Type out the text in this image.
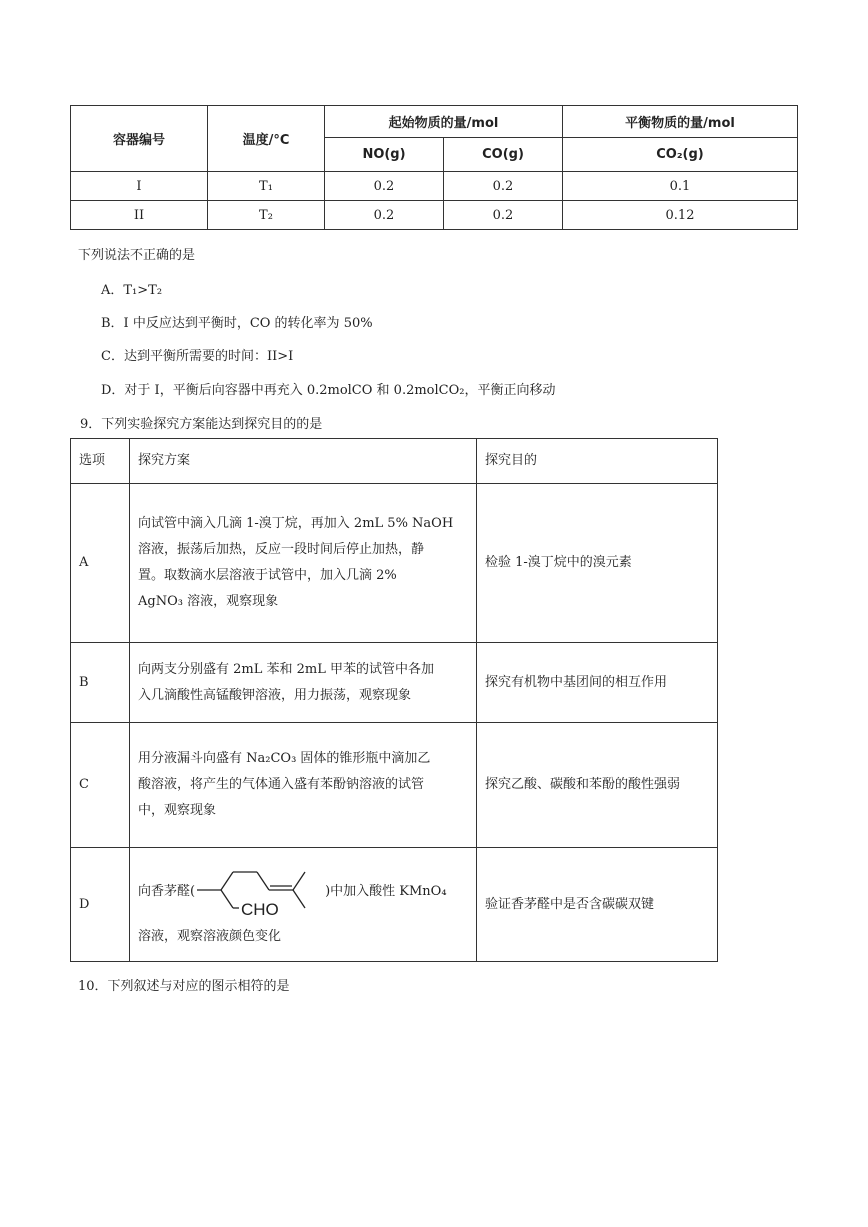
容器编号	温度/°C	起始物质的量/mol		平衡物质的量/mol
		NO(g)	CO(g)	CO₂(g)
I	T₁	0.2	0.2	0.1
II	T₂	0.2	0.2	0.12
下列说法不正确的是
A．T₁>T₂
B．I 中反应达到平衡时，CO 的转化率为 50%
C．达到平衡所需要的时间：II>I
D．对于 I，平衡后向容器中再充入 0.2molCO 和 0.2molCO₂，平衡正向移动
9．下列实验探究方案能达到探究目的的是
选项	探究方案	探究目的
A	向试管中滴入几滴 1-溴丁烷，再加入 2mL 5% NaOH
溶液，振荡后加热，反应一段时间后停止加热，静
置。取数滴水层溶液于试管中，加入几滴 2%
AgNO₃ 溶液，观察现象	检验 1-溴丁烷中的溴元素
B	向两支分别盛有 2mL 苯和 2mL 甲苯的试管中各加
入几滴酸性高锰酸钾溶液，用力振荡，观察现象	探究有机物中基团间的相互作用
C	用分液漏斗向盛有 Na₂CO₃ 固体的锥形瓶中滴加乙
酸溶液，将产生的气体通入盛有苯酚钠溶液的试管
中，观察现象	探究乙酸、碳酸和苯酚的酸性强弱
D	向香茅醛(
CHO
)中加入酸性 KMnO₄
溶液，观察溶液颜色变化	验证香茅醛中是否含碳碳双键
10．下列叙述与对应的图示相符的是
